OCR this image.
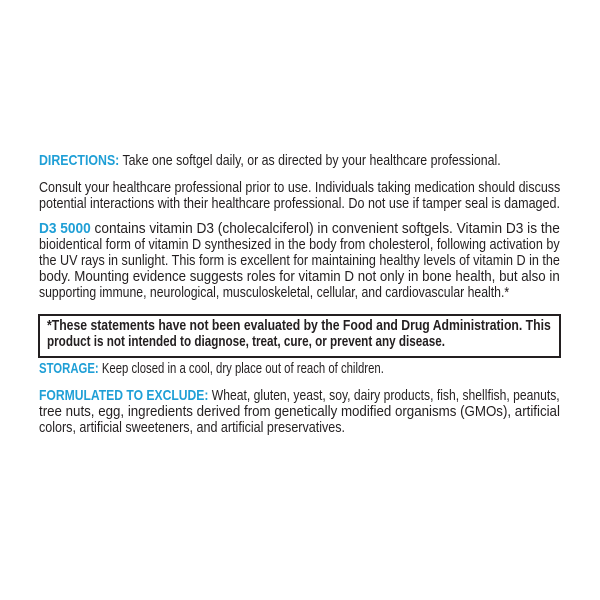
DIRECTIONS: Take one softgel daily, or as directed by your healthcare professional.
Consult your healthcare professional prior to use. Individuals taking medication should discuss
potential interactions with their healthcare professional. Do not use if tamper seal is damaged.
D3 5000 contains vitamin D3 (cholecalciferol) in convenient softgels. Vitamin D3 is the
bioidentical form of vitamin D synthesized in the body from cholesterol, following activation by
the UV rays in sunlight. This form is excellent for maintaining healthy levels of vitamin D in the
body. Mounting evidence suggests roles for vitamin D not only in bone health, but also in
supporting immune, neurological, musculoskeletal, cellular, and cardiovascular health.*
*These statements have not been evaluated by the Food and Drug Administration. This
product is not intended to diagnose, treat, cure, or prevent any disease.
STORAGE: Keep closed in a cool, dry place out of reach of children.
FORMULATED TO EXCLUDE: Wheat, gluten, yeast, soy, dairy products, fish, shellfish, peanuts,
tree nuts, egg, ingredients derived from genetically modified organisms (GMOs), artificial
colors, artificial sweeteners, and artificial preservatives.
